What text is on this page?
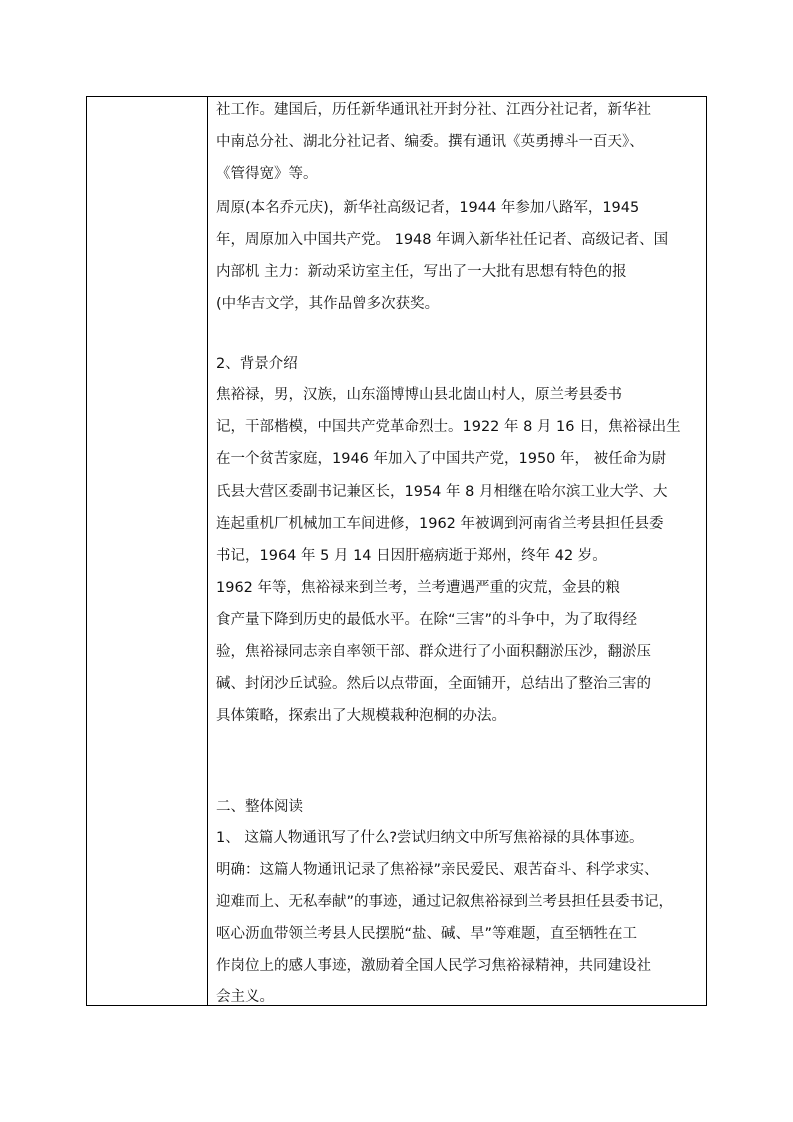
社工作。建国后，历任新华通讯社开封分社、江西分社记者，新华社
中南总分社、湖北分社记者、编委。撰有通讯《英勇搏斗一百天》、
《管得宽》等。
周原(本名乔元庆)，新华社高级记者，1944 年参加八路军，1945
年，周原加入中国共产党。 1948 年调入新华社任记者、高级记者、国
内部机 主力：新动采访室主任，写出了一大批有思想有特色的报
(中华吉文学，其作品曾多次获奖。
2、背景介绍
焦裕禄，男，汉族，山东淄博博山县北崮山村人，原兰考县委书
记，干部楷模，中国共产党革命烈士。1922 年 8 月 16 日，焦裕禄出生
在一个贫苦家庭，1946 年加入了中国共产党，1950 年， 被任命为尉
氏县大营区委副书记兼区长，1954 年 8 月相继在哈尔滨工业大学、大
连起重机厂机械加工车间进修，1962 年被调到河南省兰考县担任县委
书记，1964 年 5 月 14 日因肝癌病逝于郑州，终年 42 岁。
1962 年等，焦裕禄来到兰考，兰考遭遇严重的灾荒，金县的粮
食产量下降到历史的最低水平。在除“三害”的斗争中，为了取得经
验，焦裕禄同志亲自率领干部、群众进行了小面积翻淤压沙，翻淤压
碱、封闭沙丘试验。然后以点带面，全面铺开，总结出了整治三害的
具体策略，探索出了大规模栽种泡桐的办法。
二、整体阅读
1、 这篇人物通讯写了什么?尝试归纳文中所写焦裕禄的具体事迹。
明确：这篇人物通讯记录了焦裕禄”亲民爱民、艰苦奋斗、科学求实、
迎难而上、无私奉献”的事迹，通过记叙焦裕禄到兰考县担任县委书记，
呕心沥血带领兰考县人民摆脱“盐、碱、旱”等难题，直至牺牲在工
作岗位上的感人事迹，激励着全国人民学习焦裕禄精神，共同建设社
会主义。
